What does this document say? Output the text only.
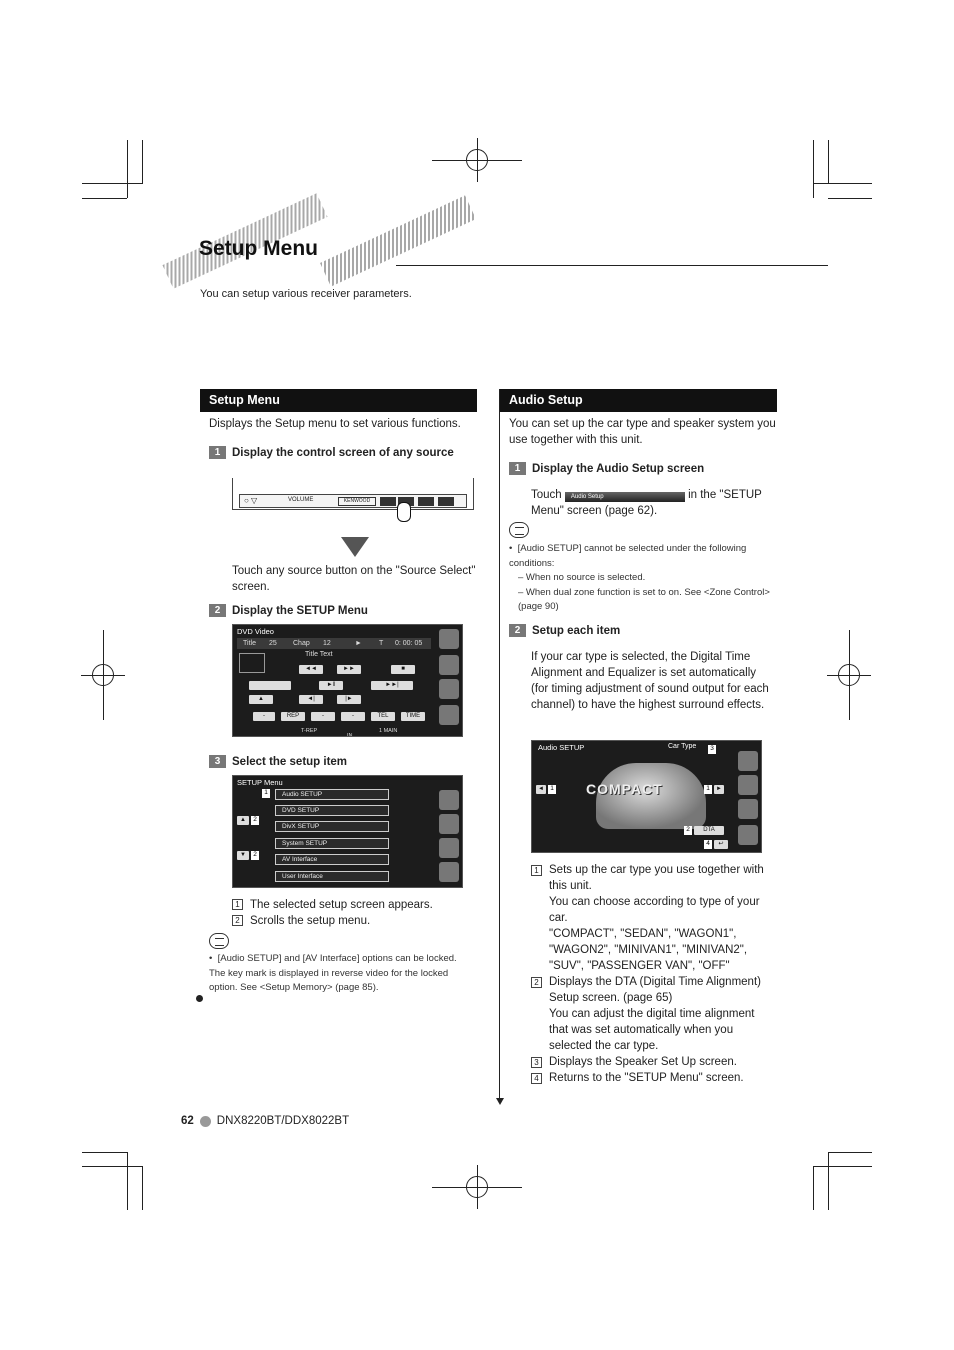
Setup Menu
You can setup various receiver parameters.
Setup Menu
Displays the Setup menu to set various functions.
1	Display the control screen of any source
○ ▽	VOLUME	KENWOOD
Touch any source button on the "Source Select" screen.
2	Display the SETUP Menu
DVD Video
Title 25 Chap 12	► T 0: 00: 05
Title Text
◄◄	►►	■
►‖	►►|
▲	◄|	|►
-	REP	-	-	TEL	TIME
T-REP
IN
1 MAIN
3	Select the setup item
SETUP Menu
1	Audio SETUP
DVD SETUP
DivX SETUP
System SETUP
AV Interface
User Interface
▲	2
▼	2
1 The selected setup screen appears.
2 Scrolls the setup menu.
•  [Audio SETUP] and [AV Interface] options can be locked. The key mark is displayed in reverse video for the locked option. See <Setup Memory> (page 85).
Audio Setup
You can set up the car type and speaker system you use together with this unit.
1	Display the Audio Setup screen
Touch Audio Setup	in the "SETUP Menu" screen (page 62).
•  [Audio SETUP] cannot be selected under the following conditions:
– When no source is selected.
– When dual zone function is set to on. See <Zone Control> (page 90)
2	Setup each item
If your car type is selected, the Digital Time Alignment and Equalizer is set automatically (for timing adjustment of sound output for each channel) to have the highest surround effects.
Audio SETUP	Car Type	3
COMPACT
◄ 1	1	►
2	DTA
4	↩
1 Sets up the car type you use together with this unit.
You can choose according to type of your car.
"COMPACT", "SEDAN", "WAGON1", "WAGON2", "MINIVAN1", "MINIVAN2", "SUV", "PASSENGER VAN", "OFF"
2 Displays the DTA (Digital Time Alignment) Setup screen. (page 65)
You can adjust the digital time alignment that was set automatically when you selected the car type.
3 Displays the Speaker Set Up screen.
4 Returns to the "SETUP Menu" screen.
62 DNX8220BT/DDX8022BT
